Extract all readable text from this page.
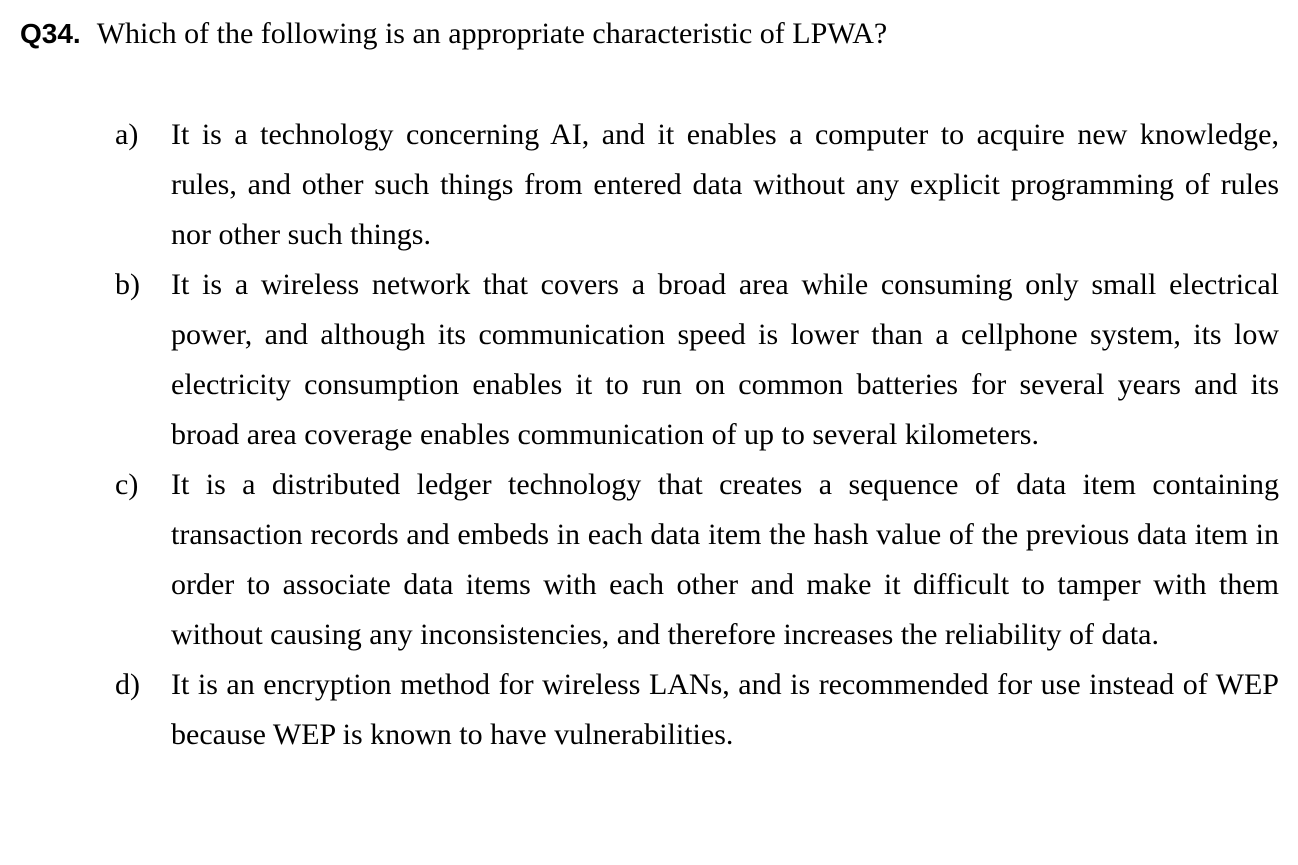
Q34. Which of the following is an appropriate characteristic of LPWA?
a)	It is a technology concerning AI, and it enables a computer to acquire new knowledge, rules, and other such things from entered data without any explicit programming of rules nor other such things.
b)	It is a wireless network that covers a broad area while consuming only small electrical power, and although its communication speed is lower than a cellphone system, its low electricity consumption enables it to run on common batteries for several years and its broad area coverage enables communication of up to several kilometers.
c)	It is a distributed ledger technology that creates a sequence of data item containing transaction records and embeds in each data item the hash value of the previous data item in order to associate data items with each other and make it difficult to tamper with them without causing any inconsistencies, and therefore increases the reliability of data.
d)	It is an encryption method for wireless LANs, and is recommended for use instead of WEP because WEP is known to have vulnerabilities.
